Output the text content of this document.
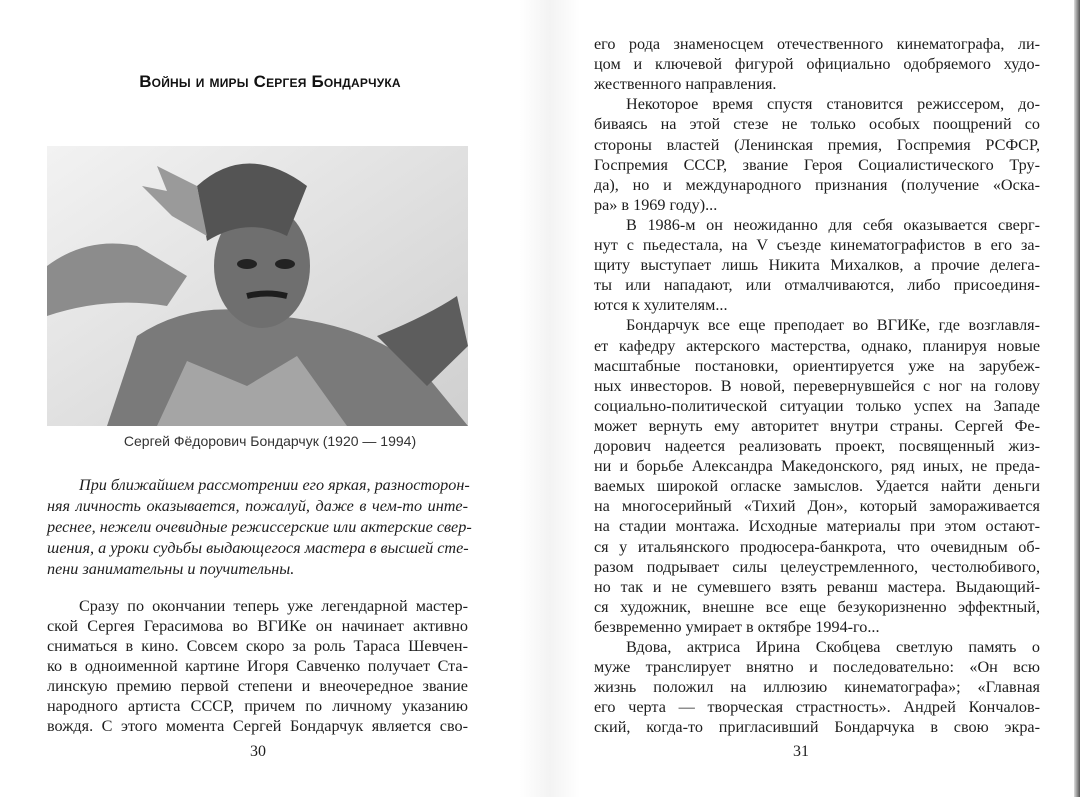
Войны и миры Сергея Бондарчука
Сергей Фёдорович Бондарчук (1920 — 1994)
При ближайшем рассмотрении его яркая, разносторон-
няя личность оказывается, пожалуй, даже в чем-то инте-
реснее, нежели очевидные режиссерские или актерские свер-
шения, а уроки судьбы выдающегося мастера в высшей сте-
пени занимательны и поучительны.
Сразу по окончании теперь уже легендарной мастер-
ской Сергея Герасимова во ВГИКе он начинает активно
сниматься в кино. Совсем скоро за роль Тараса Шевчен-
ко в одноименной картине Игоря Савченко получает Ста-
линскую премию первой степени и внеочередное звание
народного артиста СССР, причем по личному указанию
вождя. С этого момента Сергей Бондарчук является сво-
его рода знаменосцем отечественного кинематографа, ли-
цом и ключевой фигурой официально одобряемого худо-
жественного направления.
Некоторое время спустя становится режиссером, до-
биваясь на этой стезе не только особых поощрений со
стороны властей (Ленинская премия, Госпремия РСФСР,
Госпремия СССР, звание Героя Социалистического Тру-
да), но и международного признания (получение «Оска-
ра» в 1969 году)...
В 1986-м он неожиданно для себя оказывается сверг-
нут с пьедестала, на V съезде кинематографистов в его за-
щиту выступает лишь Никита Михалков, а прочие делега-
ты или нападают, или отмалчиваются, либо присоединя-
ются к хулителям...
Бондарчук все еще преподает во ВГИКе, где возглавля-
ет кафедру актерского мастерства, однако, планируя новые
масштабные постановки, ориентируется уже на зарубеж-
ных инвесторов. В новой, перевернувшейся с ног на голову
социально-политической ситуации только успех на Западе
может вернуть ему авторитет внутри страны. Сергей Фе-
дорович надеется реализовать проект, посвященный жиз-
ни и борьбе Александра Македонского, ряд иных, не преда-
ваемых широкой огласке замыслов. Удается найти деньги
на многосерийный «Тихий Дон», который замораживается
на стадии монтажа. Исходные материалы при этом остают-
ся у итальянского продюсера-банкрота, что очевидным об-
разом подрывает силы целеустремленного, честолюбивого,
но так и не сумевшего взять реванш мастера. Выдающий-
ся художник, внешне все еще безукоризненно эффектный,
безвременно умирает в октябре 1994-го...
Вдова, актриса Ирина Скобцева светлую память о
муже транслирует внятно и последовательно: «Он всю
жизнь положил на иллюзию кинематографа»; «Главная
его черта — творческая страстность». Андрей Кончалов-
ский, когда-то пригласивший Бондарчука в свою экра-
30	31
